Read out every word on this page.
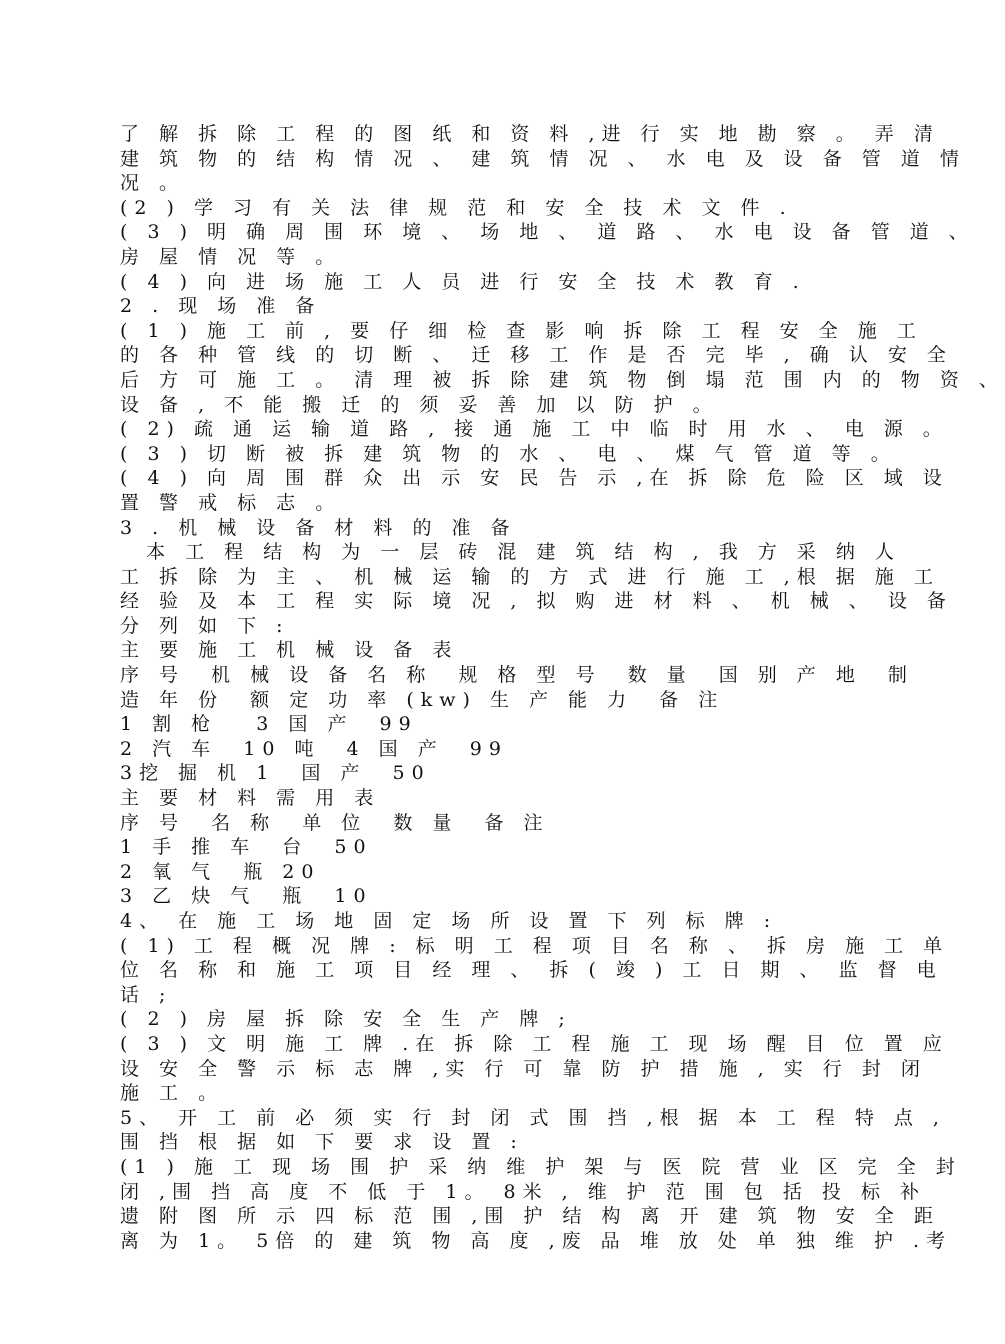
了 解 拆 除 工 程 的 图 纸 和 资 料 ,进 行 实 地 勘 察 。 弄 清
建 筑 物 的 结 构 情 况 、 建 筑 情 况 、 水 电 及 设 备 管 道 情
况 。
(2 ) 学 习 有 关 法 律 规 范 和 安 全 技 术 文 件 .
( 3 ) 明 确 周 围 环 境 、 场 地 、 道 路 、 水 电 设 备 管 道 、
房 屋 情 况 等 。
( 4 ) 向 进 场 施 工 人 员 进 行 安 全 技 术 教 育 .
2 . 现 场 准 备
( 1 ) 施 工 前 , 要 仔 细 检 查 影 响 拆 除 工 程 安 全 施 工
的 各 种 管 线 的 切 断 、 迁 移 工 作 是 否 完 毕 , 确 认 安 全
后 方 可 施 工 。 清 理 被 拆 除 建 筑 物 倒 塌 范 围 内 的 物 资 、
设 备 , 不 能 搬 迁 的 须 妥 善 加 以 防 护 。
( 2) 疏 通 运 输 道 路 , 接 通 施 工 中 临 时 用 水 、 电 源 。
( 3 ) 切 断 被 拆 建 筑 物 的 水 、 电 、 煤 气 管 道 等 。
( 4 ) 向 周 围 群 众 出 示 安 民 告 示 ,在 拆 除 危 险 区 域 设
置 警 戒 标 志 。
3 . 机 械 设 备 材 料 的 准 备
本 工 程 结 构 为 一 层 砖 混 建 筑 结 构 , 我 方 采 纳 人
工 拆 除 为 主 、 机 械 运 输 的 方 式 进 行 施 工 ,根 据 施 工
经 验 及 本 工 程 实 际 境 况 , 拟 购 进 材 料 、 机 械 、 设 备
分 列 如 下 :
主 要 施 工 机 械 设 备 表
序 号  机 械 设 备 名 称  规 格 型 号  数 量  国 别 产 地  制
造 年 份  额 定 功 率 (kw) 生 产 能 力  备 注
1 割 枪   3 国 产  99
2 汽 车  10 吨  4 国 产  99
3挖 掘 机 1  国 产  50
主 要 材 料 需 用 表
序 号  名 称  单 位  数 量  备 注
1 手 推 车  台  50
2 氧 气  瓶 20
3 乙 炔 气  瓶  10
4、 在 施 工 场 地 固 定 场 所 设 置 下 列 标 牌 :
( 1) 工 程 概 况 牌 : 标 明 工 程 项 目 名 称 、 拆 房 施 工 单
位 名 称 和 施 工 项 目 经 理 、 拆 ( 竣 ) 工 日 期 、 监 督 电
话 ;
( 2 ) 房 屋 拆 除 安 全 生 产 牌 ;
( 3 ) 文 明 施 工 牌 .在 拆 除 工 程 施 工 现 场 醒 目 位 置 应
设 安 全 警 示 标 志 牌 ,实 行 可 靠 防 护 措 施 , 实 行 封 闭
施 工 。
5、 开 工 前 必 须 实 行 封 闭 式 围 挡 ,根 据 本 工 程 特 点 ,
围 挡 根 据 如 下 要 求 设 置 :
(1 ) 施 工 现 场 围 护 采 纳 维 护 架 与 医 院 营 业 区 完 全 封
闭 ,围 挡 高 度 不 低 于 1。 8米 , 维 护 范 围 包 括 投 标 补
遗 附 图 所 示 四 标 范 围 ,围 护 结 构 离 开 建 筑 物 安 全 距
离 为 1。 5倍 的 建 筑 物 高 度 ,废 品 堆 放 处 单 独 维 护 .考
